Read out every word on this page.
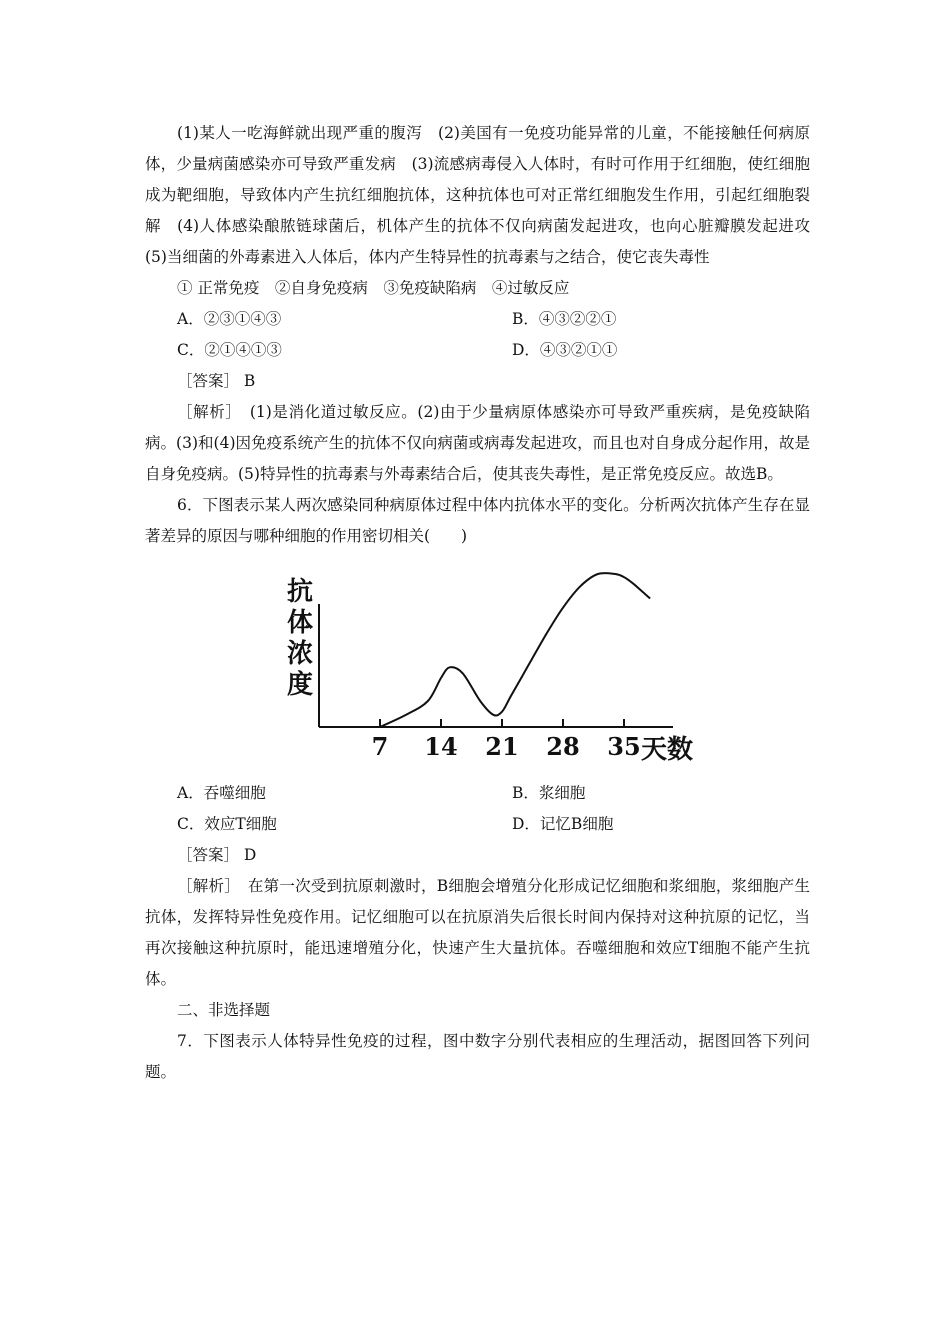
(1)某人一吃海鲜就出现严重的腹泻　(2)美国有一免疫功能异常的儿童，不能接触任何病原体，少量病菌感染亦可导致严重发病　(3)流感病毒侵入人体时，有时可作用于红细胞，使红细胞成为靶细胞，导致体内产生抗红细胞抗体，这种抗体也可对正常红细胞发生作用，引起红细胞裂解　(4)人体感染酿脓链球菌后，机体产生的抗体不仅向病菌发起进攻，也向心脏瓣膜发起进攻　(5)当细菌的外毒素进入人体后，体内产生特异性的抗毒素与之结合，使它丧失毒性

① 正常免疫　②自身免疫病　③免疫缺陷病　④过敏反应

A．②③①④③	B．④③②②①
C．②①④①③	D．④③②①①

［答案］ B

［解析］　(1)是消化道过敏反应。(2)由于少量病原体感染亦可导致严重疾病，是免疫缺陷病。(3)和(4)因免疫系统产生的抗体不仅向病菌或病毒发起进攻，而且也对自身成分起作用，故是自身免疫病。(5)特异性的抗毒素与外毒素结合后，使其丧失毒性，是正常免疫反应。故选B。

6．下图表示某人两次感染同种病原体过程中体内抗体水平的变化。分析两次抗体产生存在显著差异的原因与哪种细胞的作用密切相关(　　)

抗
体
浓
度
7 14 21 28 35 天数
A．吞噬细胞	B．浆细胞
C．效应T细胞	D．记忆B细胞

［答案］ D

［解析］　在第一次受到抗原刺激时，B细胞会增殖分化形成记忆细胞和浆细胞，浆细胞产生抗体，发挥特异性免疫作用。记忆细胞可以在抗原消失后很长时间内保持对这种抗原的记忆，当再次接触这种抗原时，能迅速增殖分化，快速产生大量抗体。吞噬细胞和效应T细胞不能产生抗体。

二、非选择题

7．下图表示人体特异性免疫的过程，图中数字分别代表相应的生理活动，据图回答下列问题。
